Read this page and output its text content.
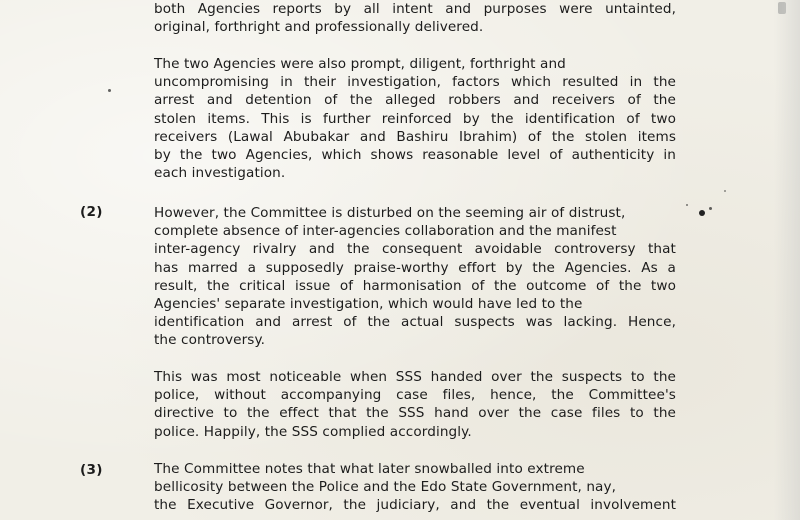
both Agencies reports by all intent and purposes were untainted,
original, forthright and professionally delivered.
The two Agencies were also prompt, diligent, forthright and
uncompromising in their investigation, factors which resulted in the
arrest and detention of the alleged robbers and receivers of the
stolen items. This is further reinforced by the identification of two
receivers (Lawal Abubakar and Bashiru Ibrahim) of the stolen items
by the two Agencies, which shows reasonable level of authenticity in
each investigation.
(2)	However, the Committee is disturbed on the seeming air of distrust,
complete absence of inter-agencies collaboration and the manifest
inter-agency rivalry and the consequent avoidable controversy that
has marred a supposedly praise-worthy effort by the Agencies. As a
result, the critical issue of harmonisation of the outcome of the two
Agencies' separate investigation, which would have led to the
identification and arrest of the actual suspects was lacking. Hence,
the controversy.
This was most noticeable when SSS handed over the suspects to the
police, without accompanying case files, hence, the Committee's
directive to the effect that the SSS hand over the case files to the
police. Happily, the SSS complied accordingly.
(3)	The Committee notes that what later snowballed into extreme
bellicosity between the Police and the Edo State Government, nay,
the Executive Governor, the judiciary, and the eventual involvement
